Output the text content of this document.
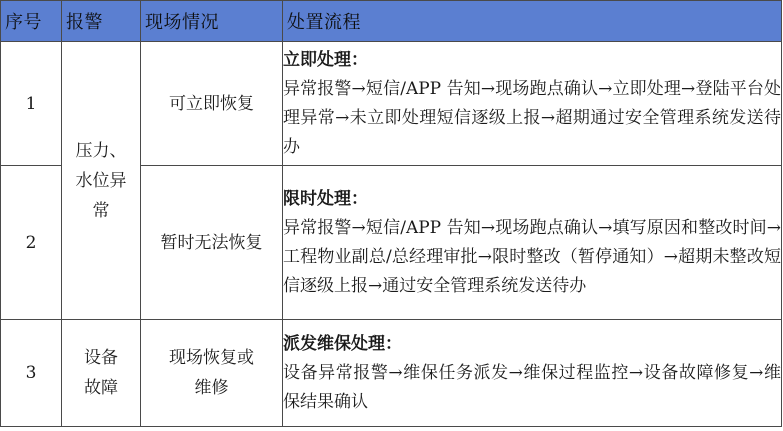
序号	报警	现场情况	处置流程
1	压力、水位异常	可立即恢复	立即处理：
异常报警→短信/APP 告知→现场跑点确认→立即处理→登陆平台处理异常→未立即处理短信逐级上报→超期通过安全管理系统发送待办

2		暂时无法恢复	限时处理：
异常报警→短信/APP 告知→现场跑点确认→填写原因和整改时间→工程物业副总/总经理审批→限时整改（暂停通知）→超期未整改短信逐级上报→通过安全管理系统发送待办

3	设备故障	现场恢复或维修	派发维保处理：
设备异常报警→维保任务派发→维保过程监控→设备故障修复→维保结果确认
